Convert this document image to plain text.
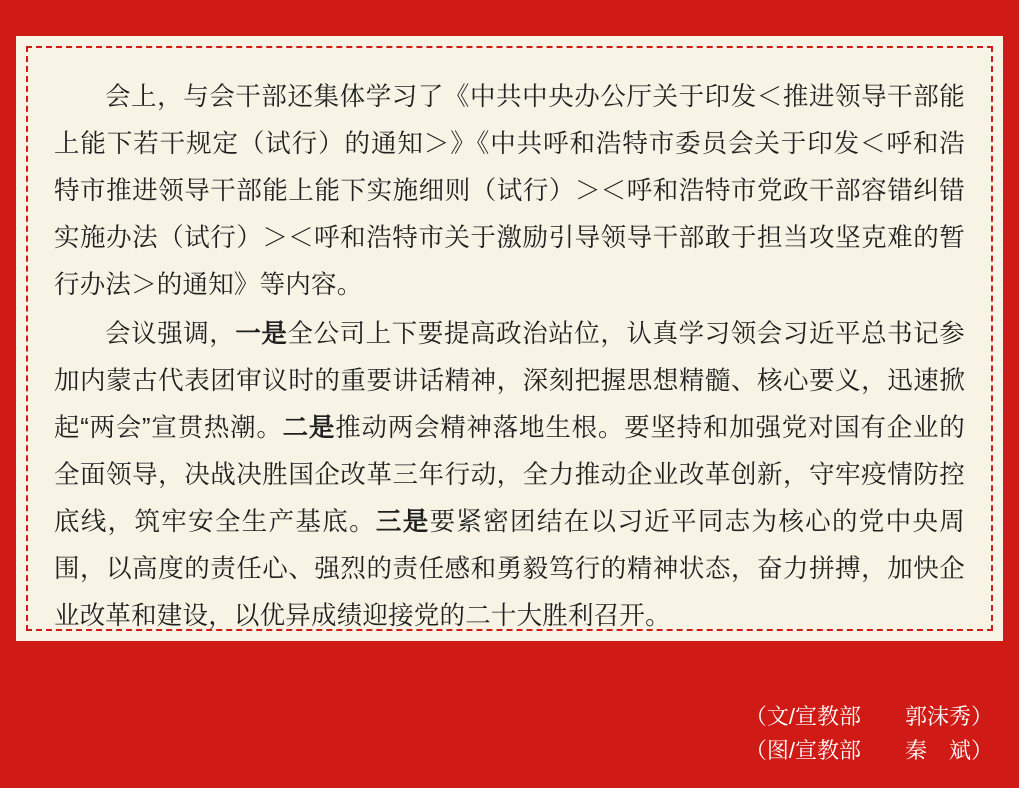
会上，与会干部还集体学习了《中共中央办公厅关于印发＜推进领导干部能上能下若干规定（试行）的通知＞》《中共呼和浩特市委员会关于印发＜呼和浩特市推进领导干部能上能下实施细则（试行）＞＜呼和浩特市党政干部容错纠错实施办法（试行）＞＜呼和浩特市关于激励引导领导干部敢于担当攻坚克难的暂行办法＞的通知》等内容。

会议强调，一是全公司上下要提高政治站位，认真学习领会习近平总书记参加内蒙古代表团审议时的重要讲话精神，深刻把握思想精髓、核心要义，迅速掀起“两会”宣贯热潮。二是推动两会精神落地生根。要坚持和加强党对国有企业的全面领导，决战决胜国企改革三年行动，全力推动企业改革创新，守牢疫情防控底线，筑牢安全生产基底。三是要紧密团结在以习近平同志为核心的党中央周围，以高度的责任心、强烈的责任感和勇毅笃行的精神状态，奋力拼搏，加快企业改革和建设，以优异成绩迎接党的二十大胜利召开。

（文/宣教部　　郭沫秀）
（图/宣教部　　秦　斌）
